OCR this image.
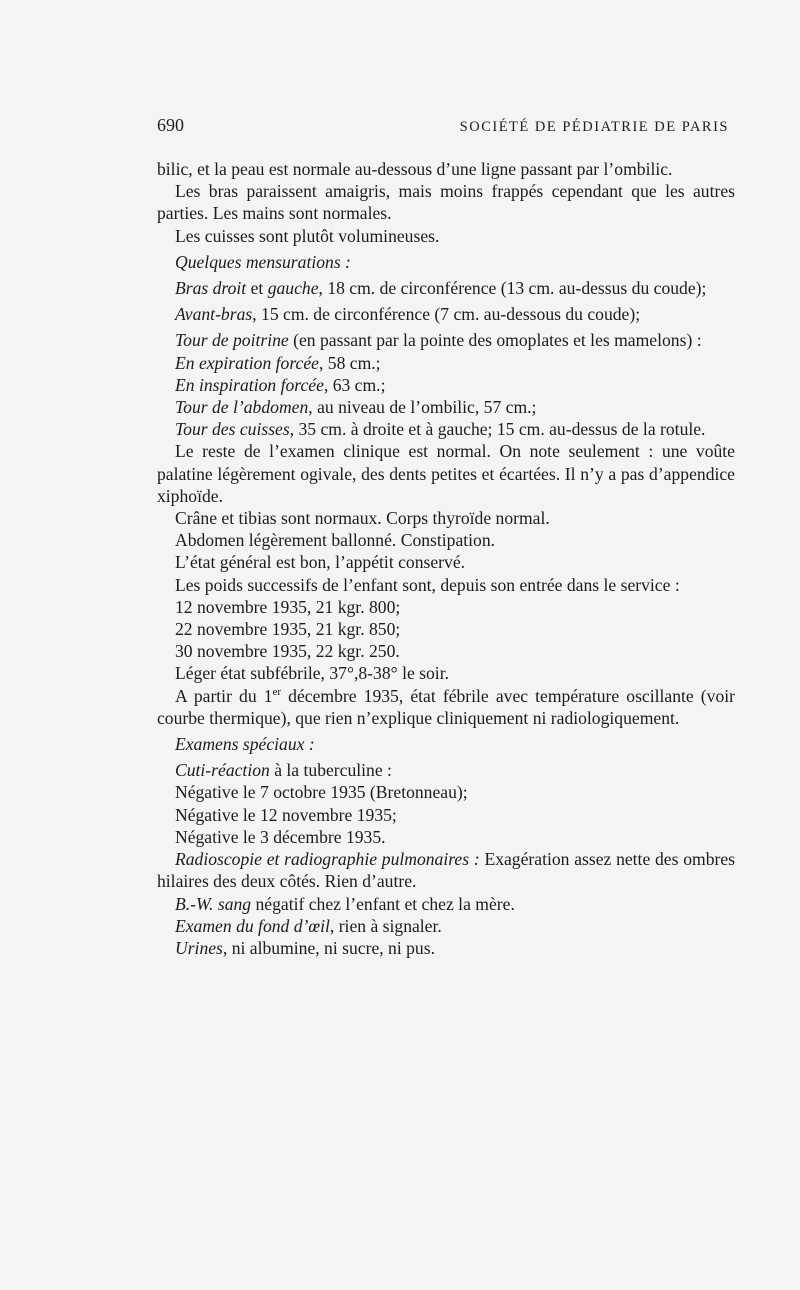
690	SOCIÉTÉ DE PÉDIATRIE DE PARIS

bilic, et la peau est normale au-dessous d’une ligne passant par l’ombilic.

Les bras paraissent amaigris, mais moins frappés cependant que les autres parties. Les mains sont normales.

Les cuisses sont plutôt volumineuses.

Quelques mensurations :

Bras droit et gauche, 18 cm. de circonférence (13 cm. au-dessus du coude);

Avant-bras, 15 cm. de circonférence (7 cm. au-dessous du coude);

Tour de poitrine (en passant par la pointe des omoplates et les mamelons) :

En expiration forcée, 58 cm.;

En inspiration forcée, 63 cm.;

Tour de l’abdomen, au niveau de l’ombilic, 57 cm.;

Tour des cuisses, 35 cm. à droite et à gauche; 15 cm. au-dessus de la rotule.

Le reste de l’examen clinique est normal. On note seulement : une voûte palatine légèrement ogivale, des dents petites et écartées. Il n’y a pas d’appendice xiphoïde.

Crâne et tibias sont normaux. Corps thyroïde normal.

Abdomen légèrement ballonné. Constipation.

L’état général est bon, l’appétit conservé.

Les poids successifs de l’enfant sont, depuis son entrée dans le service :

12 novembre 1935, 21 kgr. 800;

22 novembre 1935, 21 kgr. 850;

30 novembre 1935, 22 kgr. 250.

Léger état subfébrile, 37°,8-38° le soir.

A partir du 1er décembre 1935, état fébrile avec température oscillante (voir courbe thermique), que rien n’explique cliniquement ni radiologiquement.

Examens spéciaux :

Cuti-réaction à la tuberculine :

Négative le 7 octobre 1935 (Bretonneau);

Négative le 12 novembre 1935;

Négative le 3 décembre 1935.

Radioscopie et radiographie pulmonaires : Exagération assez nette des ombres hilaires des deux côtés. Rien d’autre.

B.-W. sang négatif chez l’enfant et chez la mère.

Examen du fond d’œil, rien à signaler.

Urines, ni albumine, ni sucre, ni pus.
